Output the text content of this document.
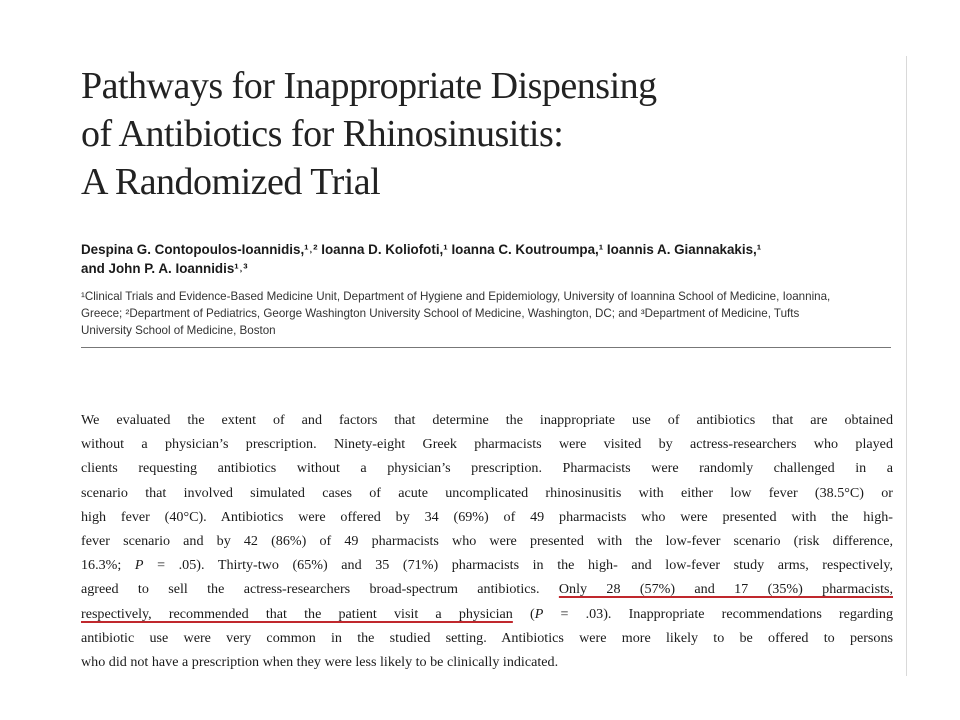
Pathways for Inappropriate Dispensing
of Antibiotics for Rhinosinusitis:
A Randomized Trial

Despina G. Contopoulos-Ioannidis,¹˒² Ioanna D. Koliofoti,¹ Ioanna C. Koutroumpa,¹ Ioannis A. Giannakakis,¹
and John P. A. Ioannidis¹˒³

¹Clinical Trials and Evidence-Based Medicine Unit, Department of Hygiene and Epidemiology, University of Ioannina School of Medicine, Ioannina,
Greece; ²Department of Pediatrics, George Washington University School of Medicine, Washington, DC; and ³Department of Medicine, Tufts
University School of Medicine, Boston

We evaluated the extent of and factors that determine the inappropriate use of antibiotics that are obtained
without a physician’s prescription. Ninety-eight Greek pharmacists were visited by actress-researchers who played
clients requesting antibiotics without a physician’s prescription. Pharmacists were randomly challenged in a
scenario that involved simulated cases of acute uncomplicated rhinosinusitis with either low fever (38.5°C) or
high fever (40°C). Antibiotics were offered by 34 (69%) of 49 pharmacists who were presented with the high-
fever scenario and by 42 (86%) of 49 pharmacists who were presented with the low-fever scenario (risk difference,
16.3%; P = .05). Thirty-two (65%) and 35 (71%) pharmacists in the high- and low-fever study arms, respectively,
agreed to sell the actress-researchers broad-spectrum antibiotics. Only 28 (57%) and 17 (35%) pharmacists,
respectively, recommended that the patient visit a physician (P = .03). Inappropriate recommendations regarding
antibiotic use were very common in the studied setting. Antibiotics were more likely to be offered to persons
who did not have a prescription when they were less likely to be clinically indicated.
